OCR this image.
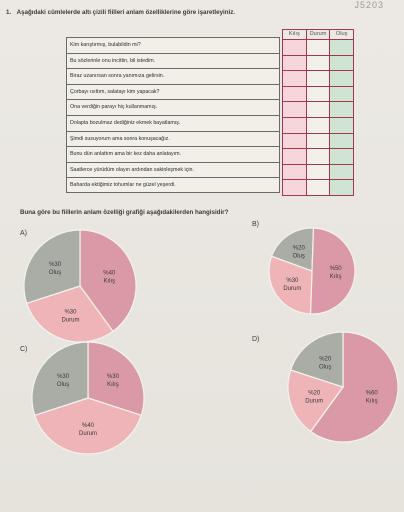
1. Aşağıdaki cümlelerde altı çizili fiilleri anlam özelliklerine göre işaretleyiniz.
J5203
Kim karıştırmış, bulabildin mi?
Bu sözlerinle onu incittin, bil istedim.
Biraz uzanırsan sonra yanımıza gelirsin.
Çorbayı ısıttım, salatayı kim yapacak?
Ona verdiğin parayı hiç kullanmamış.
Dolapta bozulmaz dediğiniz ekmek bayatlamış.
Şimdi susuyorum ama sonra konuşacağız.
Bunu dün anlattım ama bir kez daha anlatayım.
Saatlerce yürüdüm olayın ardından sakinleşmek için.
Baharda ektiğimiz tohumlar ne güzel yeşerdi.
Kılış	Durum	Oluş
Buna göre bu fiillerin anlam özelliği grafiği aşağıdakilerden hangisidir?
A)
B)
C)
D)
%40 Kılış
%30 Durum
%30 Oluş
%20 Oluş
%50 Kılış
%30 Durum
%30 Kılış
%40 Durum
%30 Oluş
%60 Kılış
%20 Durum
%20 Oluş
